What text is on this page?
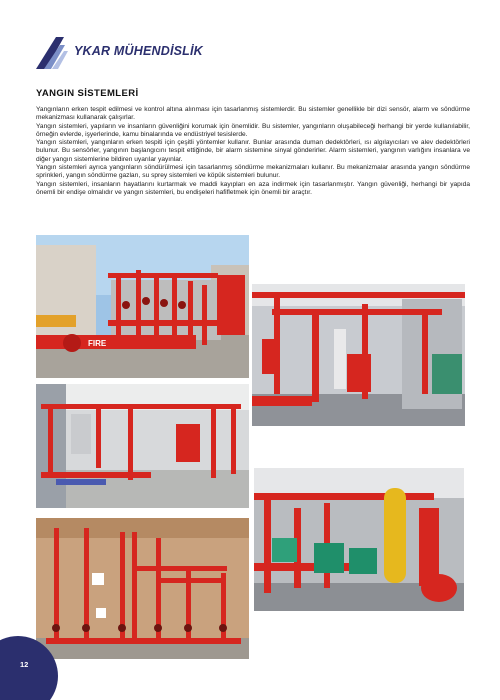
YKAR MÜHENDİSLİK
YANGIN SİSTEMLERİ

Yangınların erken tespit edilmesi ve kontrol altına alınması için tasarlanmış sistemlerdir. Bu sistemler genellikle bir dizi sensör, alarm ve söndürme mekanizması kullanarak çalışırlar.

Yangın sistemleri, yapıların ve insanların güvenliğini korumak için önemlidir. Bu sistemler, yangınların oluşabileceği herhangi bir yerde kullanılabilir, örneğin evlerde, işyerlerinde, kamu binalarında ve endüstriyel tesislerde.

Yangın sistemleri, yangınların erken tespiti için çeşitli yöntemler kullanır. Bunlar arasında duman dedektörleri, ısı algılayıcıları ve alev dedektörleri bulunur. Bu sensörler, yangının başlangıcını tespit ettiğinde, bir alarm sistemine sinyal gönderirler. Alarm sistemleri, yangının varlığını insanlara ve diğer yangın sistemlerine bildiren uyarılar yayınlar.

Yangın sistemleri ayrıca yangınların söndürülmesi için tasarlanmış söndürme mekanizmaları kullanır. Bu mekanizmalar arasında yangın söndürme sprinkleri, yangın söndürme gazları, su sprey sistemleri ve köpük sistemleri bulunur.

Yangın sistemleri, insanların hayatlarını kurtarmak ve maddi kayıpları en aza indirmek için tasarlanmıştır. Yangın güvenliği, herhangi bir yapıda önemli bir endişe olmalıdır ve yangın sistemleri, bu endişeleri hafifletmek için önemli bir araçtır.

FIRE
12
